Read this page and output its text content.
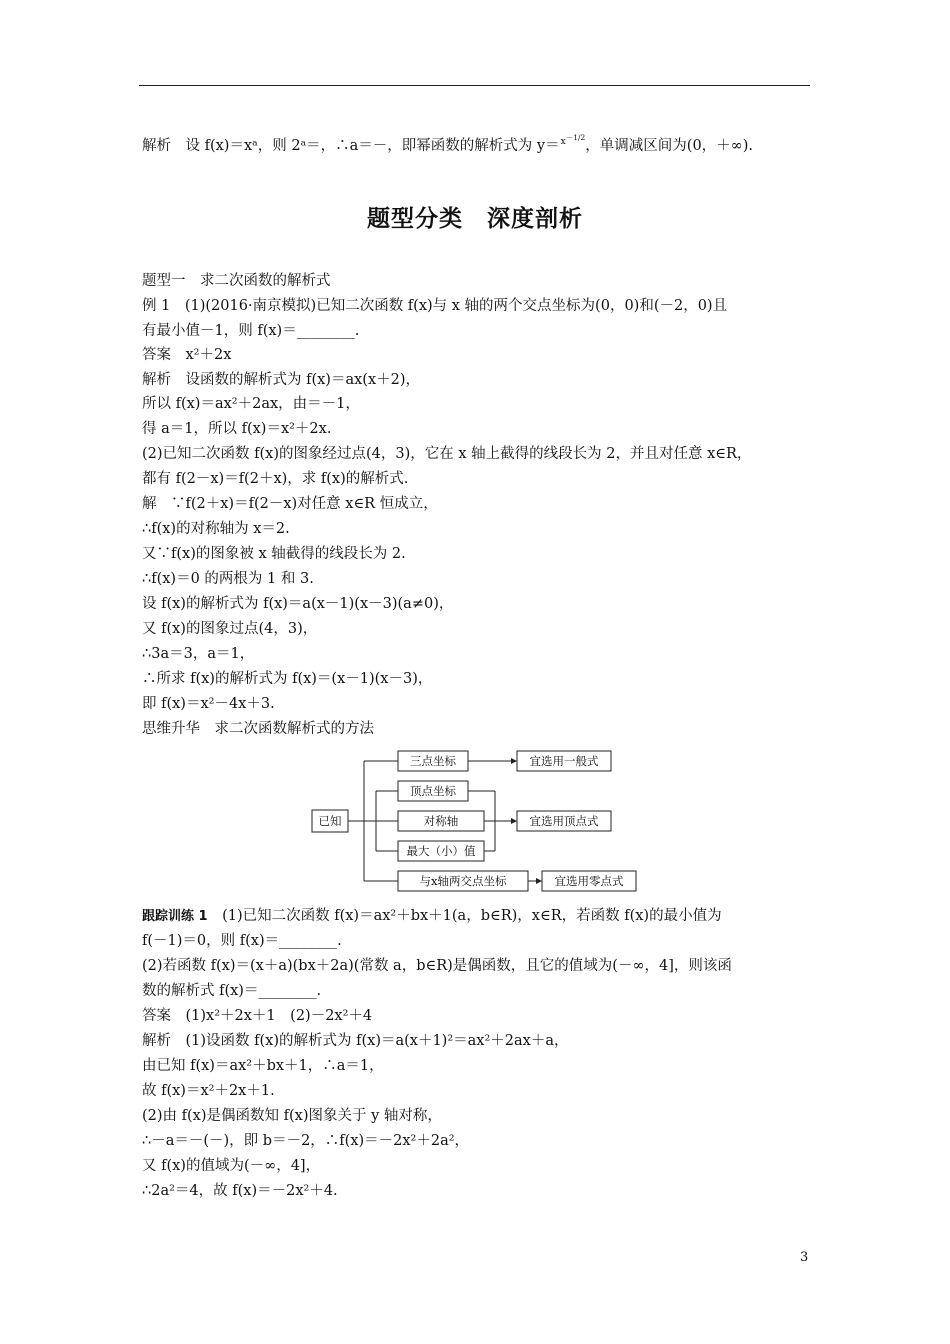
解析　设 f(x)＝xᵃ，则 2ᵃ＝，∴a＝－，即幂函数的解析式为 $y=x^{-1/2}$，单调减区间为(0，＋∞).
题型分类　深度剖析
题型一　求二次函数的解析式
例 1　(1)(2016·南京模拟)已知二次函数 f(x)与 x 轴的两个交点坐标为(0，0)和(－2，0)且
有最小值－1，则 f(x)＝________.
答案　x²＋2x
解析　设函数的解析式为 f(x)＝ax(x＋2)，
所以 f(x)＝ax²＋2ax，由＝－1，
得 a＝1，所以 f(x)＝x²＋2x.
(2)已知二次函数 f(x)的图象经过点(4，3)，它在 x 轴上截得的线段长为 2，并且对任意 x∈R，
都有 f(2－x)＝f(2＋x)，求 f(x)的解析式.
解　∵f(2＋x)＝f(2－x)对任意 x∈R 恒成立，
∴f(x)的对称轴为 x＝2.
又∵f(x)的图象被 x 轴截得的线段长为 2.
∴f(x)＝0 的两根为 1 和 3.
设 f(x)的解析式为 f(x)＝a(x－1)(x－3)(a≠0)，
又 f(x)的图象过点(4，3)，
∴3a＝3，a＝1，
∴所求 f(x)的解析式为 f(x)＝(x－1)(x－3)，
即 f(x)＝x²－4x＋3.
思维升华　求二次函数解析式的方法
已知
三点坐标
顶点坐标
对称轴
最大（小）值
与x轴两交点坐标
宜选用一般式
宜选用顶点式
宜选用零点式
跟踪训练 1　 (1)已知二次函数 f(x)＝ax²＋bx＋1(a，b∈R)，x∈R，若函数 f(x)的最小值为
f(－1)＝0，则 f(x)＝________.
(2)若函数 f(x)＝(x＋a)(bx＋2a)(常数 a，b∈R)是偶函数，且它的值域为(－∞，4]，则该函
数的解析式 f(x)＝________.
答案　(1)x²＋2x＋1　(2)－2x²＋4
解析　(1)设函数 f(x)的解析式为 f(x)＝a(x＋1)²＝ax²＋2ax＋a，
由已知 f(x)＝ax²＋bx＋1，∴a＝1，
故 f(x)＝x²＋2x＋1.
(2)由 f(x)是偶函数知 f(x)图象关于 y 轴对称，
∴－a＝－(－)，即 b＝－2，∴f(x)＝－2x²＋2a²，
又 f(x)的值域为(－∞，4]，
∴2a²＝4，故 f(x)＝－2x²＋4.
3
